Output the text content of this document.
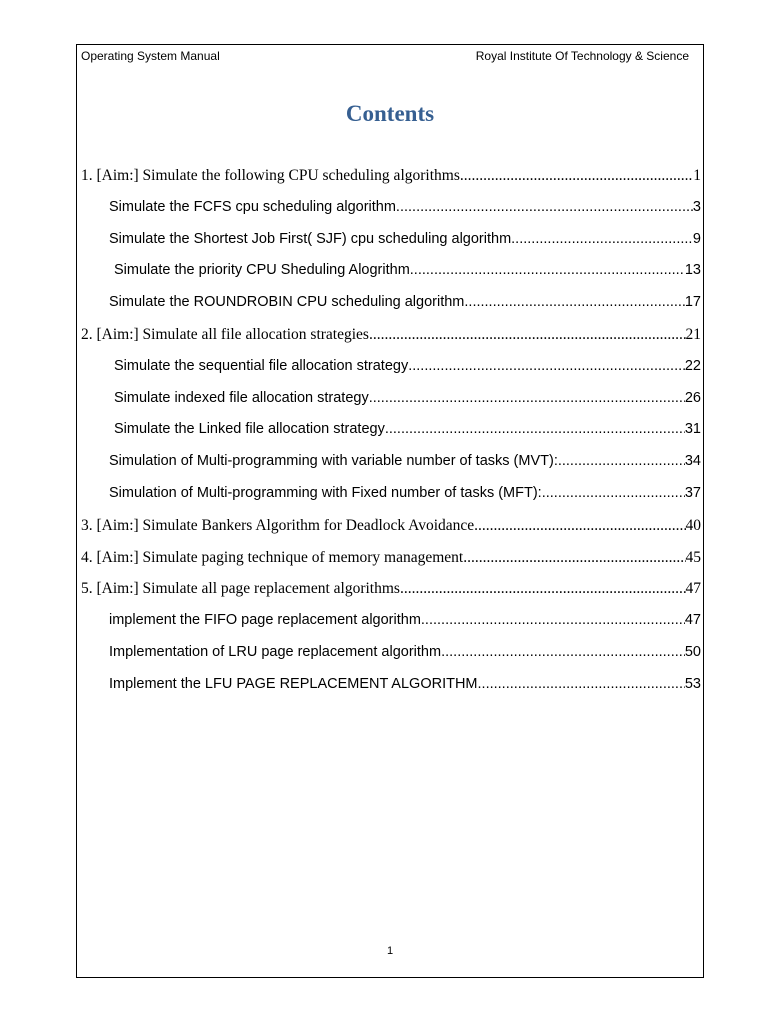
Operating System Manual	Royal Institute Of Technology & Science
Contents
1. [Aim:] Simulate the following CPU scheduling algorithms .....	1
Simulate the FCFS cpu scheduling algorithm .....	3
Simulate the Shortest Job First( SJF) cpu scheduling algorithm .....	9
Simulate the priority CPU Sheduling Alogrithm .....	13
Simulate the ROUNDROBIN CPU scheduling algorithm .....	17
2. [Aim:] Simulate all file allocation strategies .....	21
Simulate the sequential file allocation strategy .....	22
Simulate indexed file allocation strategy .....	26
Simulate the Linked file allocation strategy .....	31
Simulation of Multi-programming with variable number of tasks (MVT): .....	34
Simulation of Multi-programming with Fixed number of tasks (MFT): .....	37
3. [Aim:] Simulate Bankers Algorithm for Deadlock Avoidance .....	40
4. [Aim:] Simulate paging technique of memory management .....	45
5. [Aim:] Simulate all page replacement algorithms .....	47
implement the FIFO page replacement algorithm .....	47
Implementation of LRU page replacement algorithm .....	50
Implement the LFU PAGE REPLACEMENT ALGORITHM .....	53
1
